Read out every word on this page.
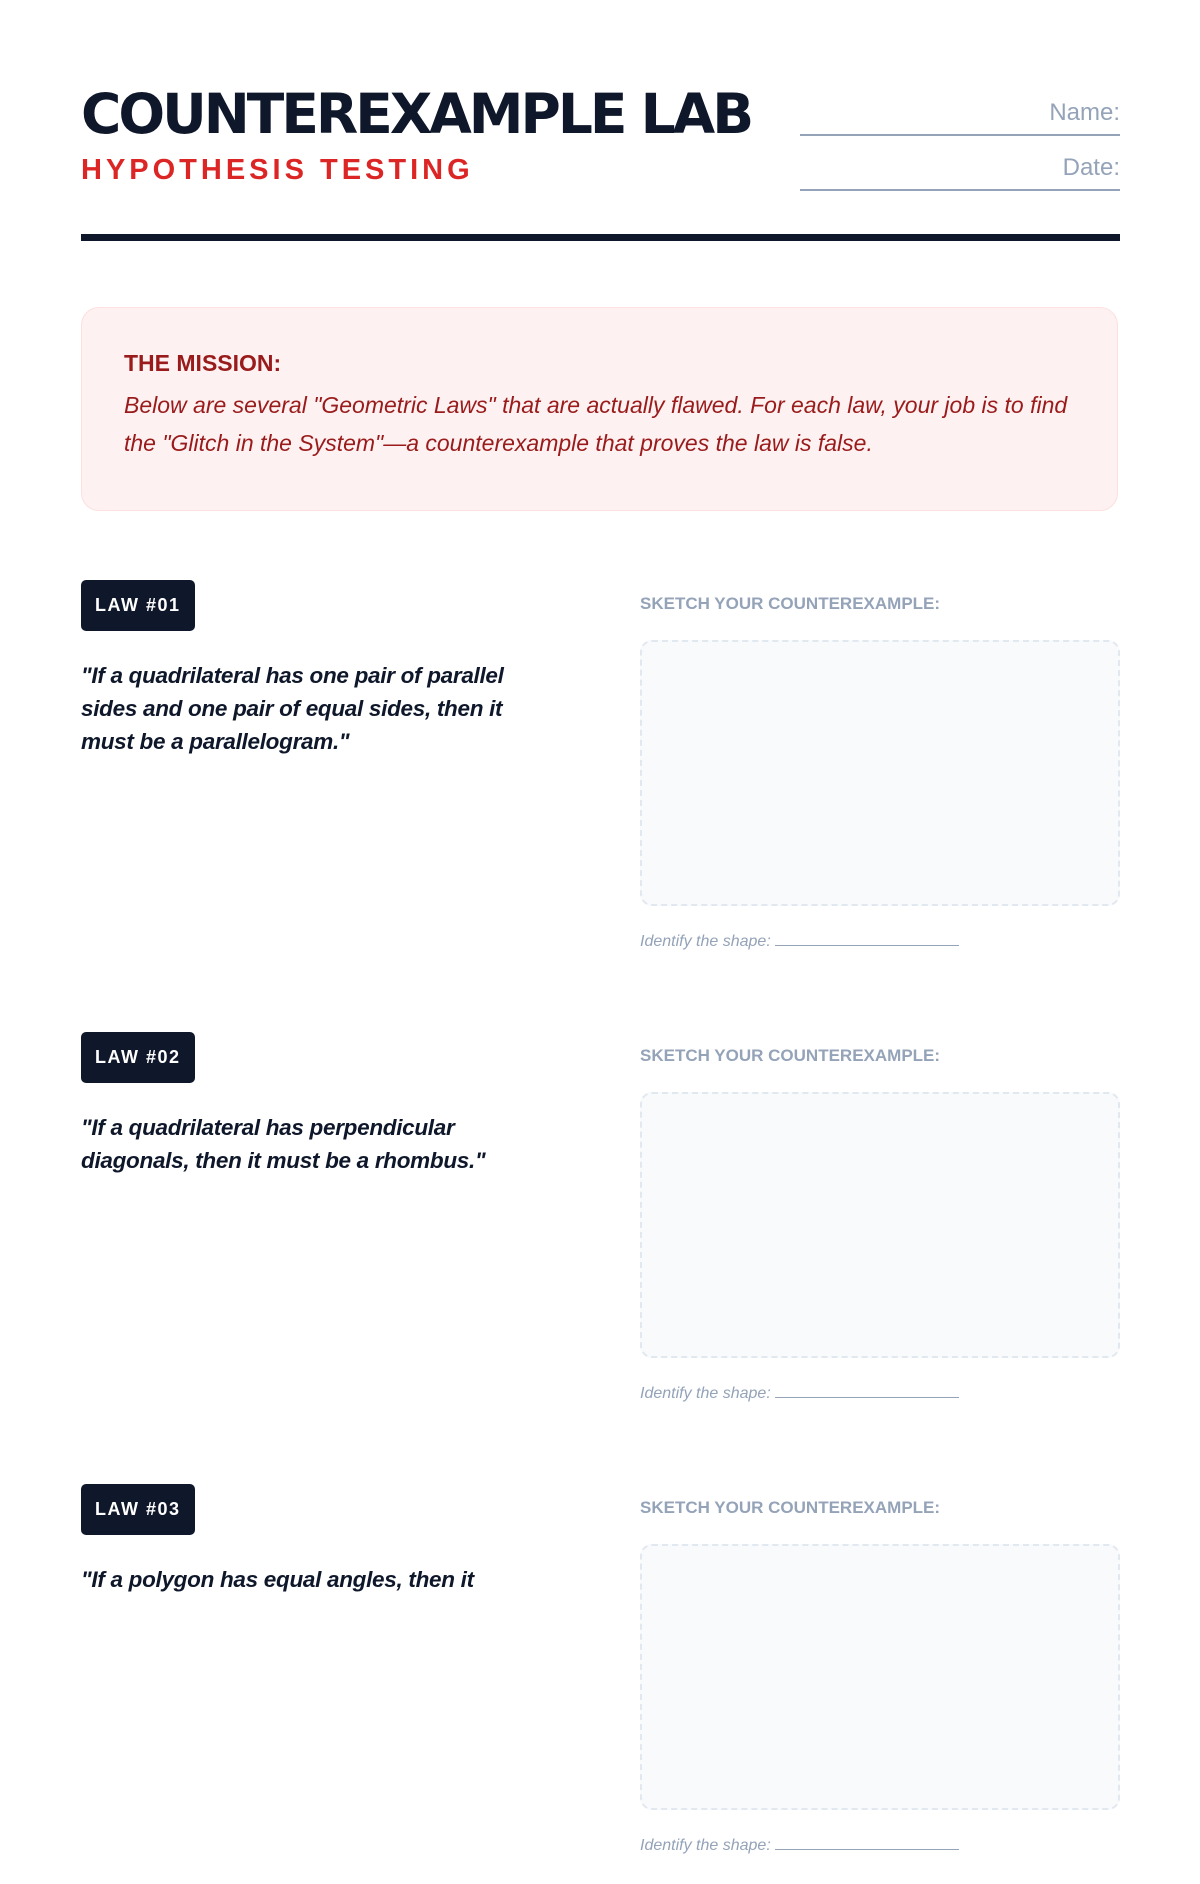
COUNTEREXAMPLE LAB
HYPOTHESIS TESTING
Name:
Date:

THE MISSION:

Below are several "Geometric Laws" that are actually flawed. For each law, your job is to find the "Glitch in the System"—a counterexample that proves the law is false.

LAW #01

"If a quadrilateral has one pair of parallel sides and one pair of equal sides, then it must be a parallelogram."

SKETCH YOUR COUNTEREXAMPLE:
Identify the shape:
LAW #02

"If a quadrilateral has perpendicular diagonals, then it must be a rhombus."

SKETCH YOUR COUNTEREXAMPLE:
Identify the shape:
LAW #03

"If a polygon has equal angles, then it

SKETCH YOUR COUNTEREXAMPLE:
Identify the shape:
